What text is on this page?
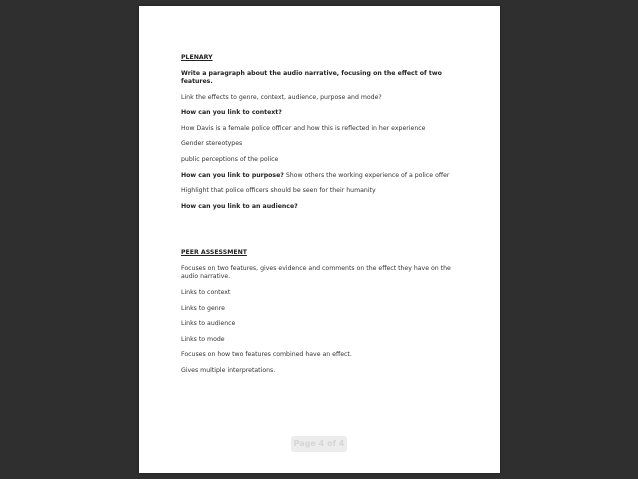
PLENARY
Write a paragraph about the audio narrative, focusing on the effect of two features.
Link the effects to genre, context, audience, purpose and mode?
How can you link to context?
How Davis is a female police officer and how this is reflected in her experience
Gender stereotypes
public perceptions of the police
How can you link to purpose? Show others the working experience of a police offer
Highlight that police officers should be seen for their humanity
How can you link to an audience?
PEER ASSESSMENT
Focuses on two features, gives evidence and comments on the effect they have on the audio narrative.
Links to context
Links to genre
Links to audience
Links to mode
Focuses on how two features combined have an effect.
Gives multiple interpretations.
Page 4 of 4
